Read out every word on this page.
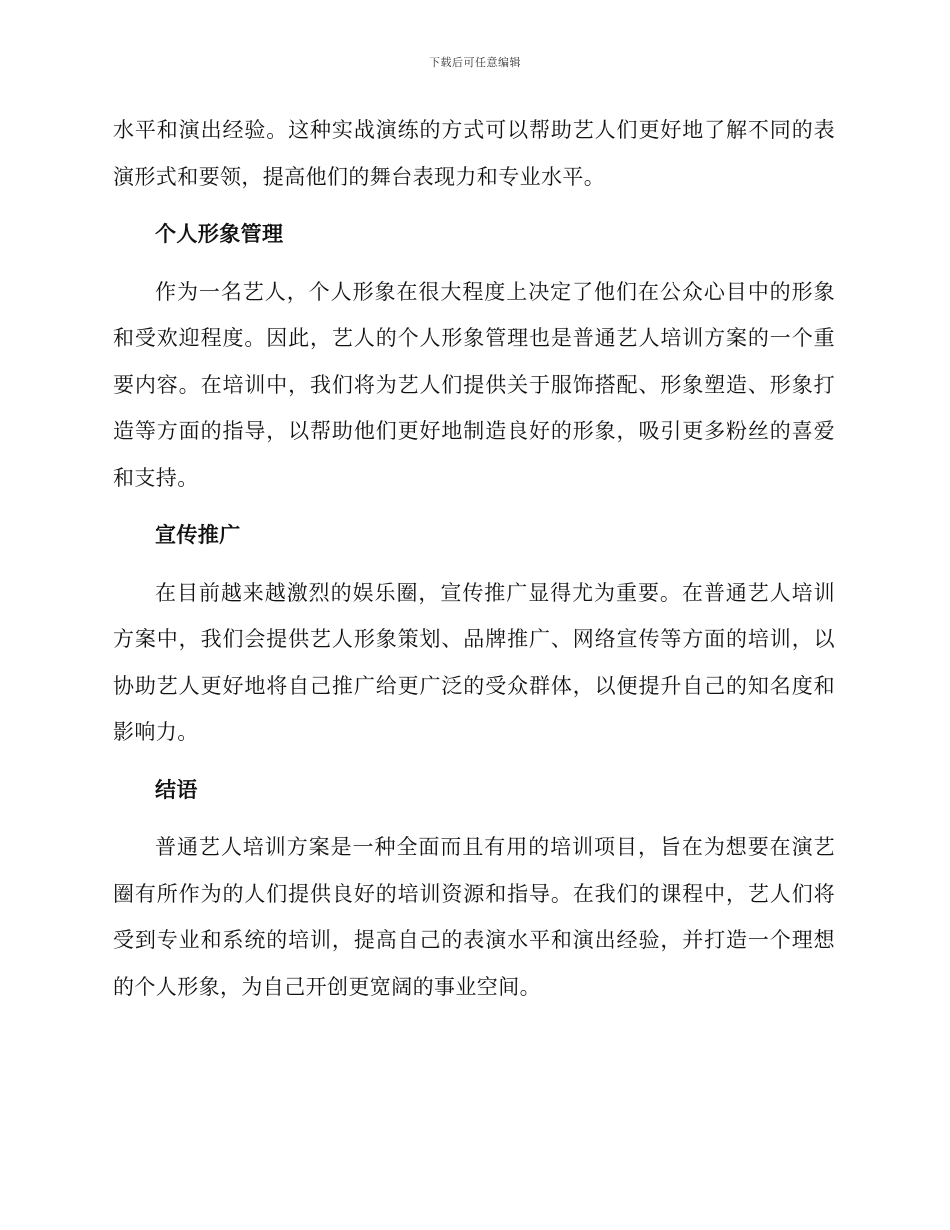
下载后可任意编辑

水平和演出经验。这种实战演练的方式可以帮助艺人们更好地了解不同的表演形式和要领，提高他们的舞台表现力和专业水平。

个人形象管理

作为一名艺人，个人形象在很大程度上决定了他们在公众心目中的形象和受欢迎程度。因此，艺人的个人形象管理也是普通艺人培训方案的一个重要内容。在培训中，我们将为艺人们提供关于服饰搭配、形象塑造、形象打造等方面的指导，以帮助他们更好地制造良好的形象，吸引更多粉丝的喜爱和支持。

宣传推广

在目前越来越激烈的娱乐圈，宣传推广显得尤为重要。在普通艺人培训方案中，我们会提供艺人形象策划、品牌推广、网络宣传等方面的培训，以协助艺人更好地将自己推广给更广泛的受众群体，以便提升自己的知名度和影响力。

结语

普通艺人培训方案是一种全面而且有用的培训项目，旨在为想要在演艺圈有所作为的人们提供良好的培训资源和指导。在我们的课程中，艺人们将受到专业和系统的培训，提高自己的表演水平和演出经验，并打造一个理想的个人形象，为自己开创更宽阔的事业空间。
